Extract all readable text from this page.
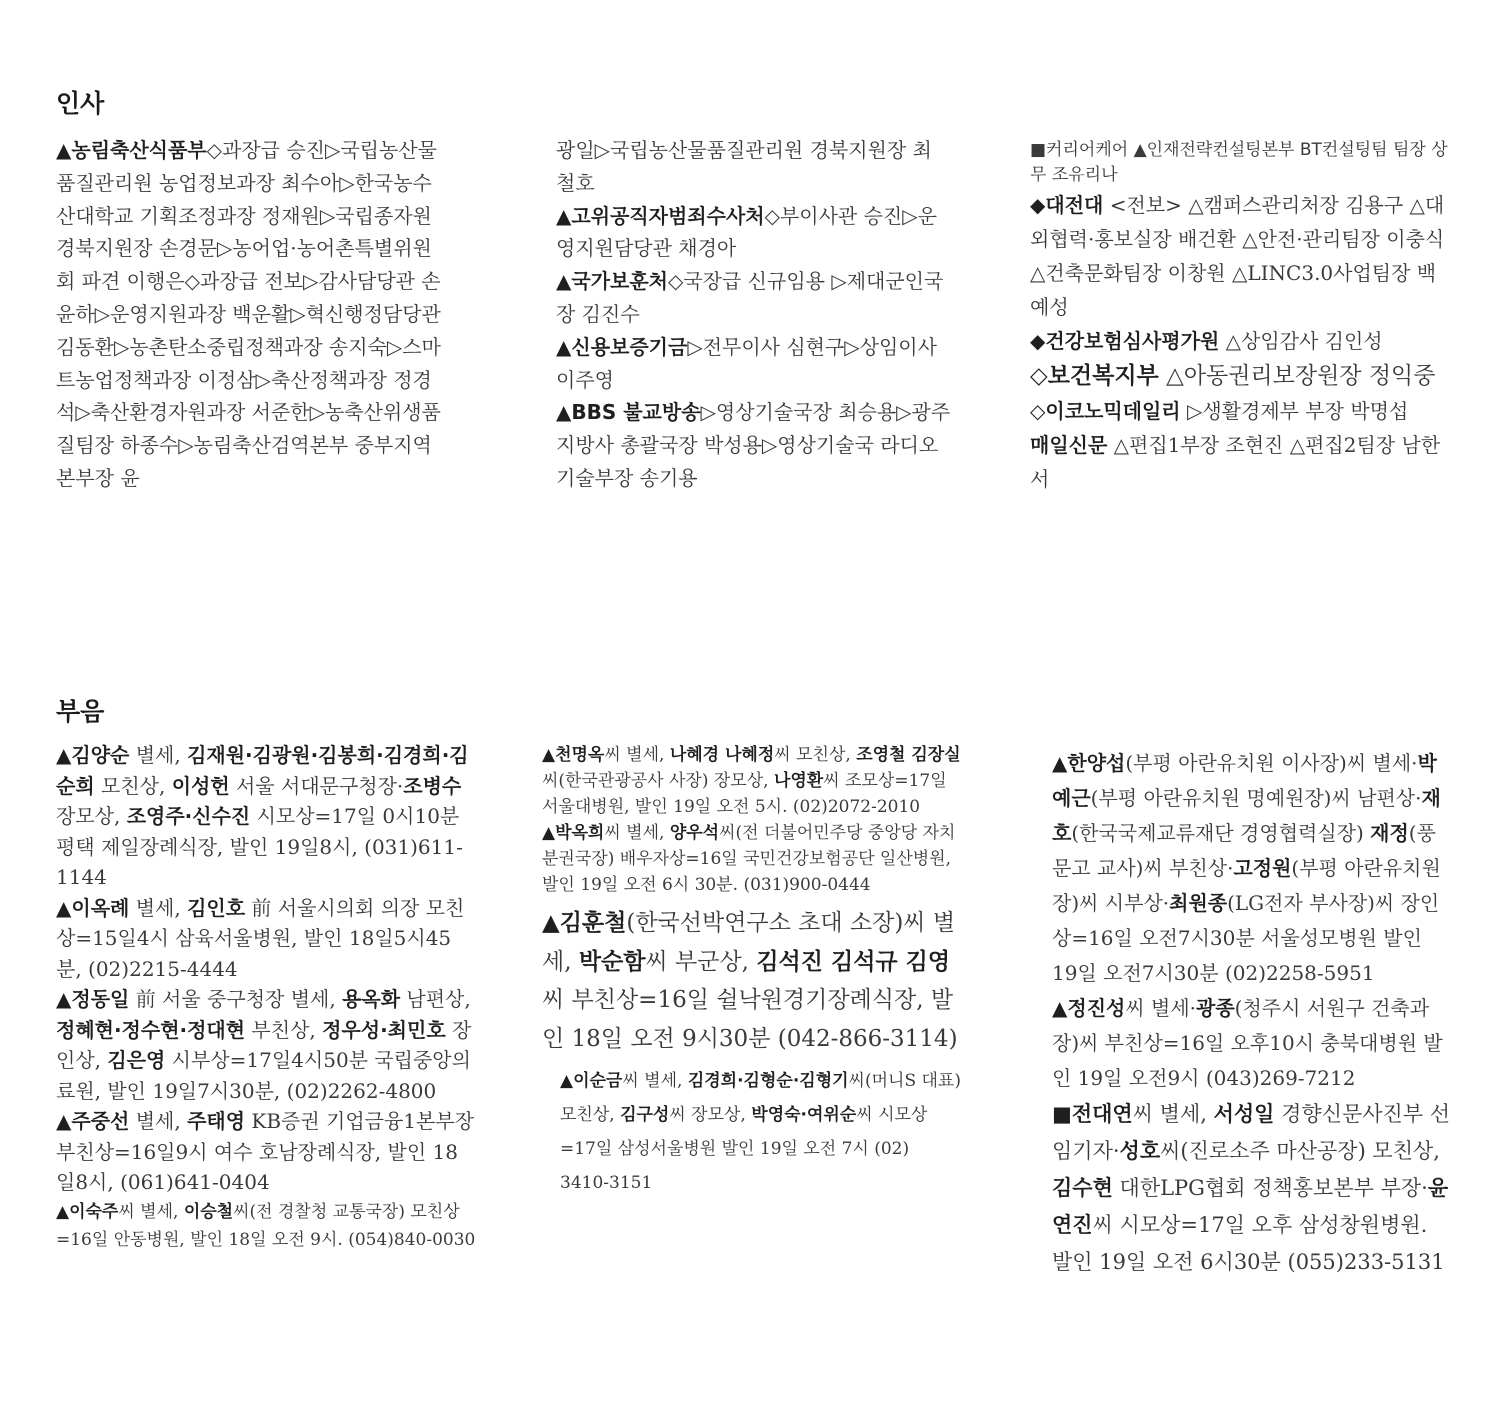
인사

▲농림축산식품부◇과장급 승진▷국립농산물품질관리원 농업정보과장 최수아▷한국농수산대학교 기획조정과장 정재원▷국립종자원 경북지원장 손경문▷농어업·농어촌특별위원회 파견 이행은◇과장급 전보▷감사담당관 손윤하▷운영지원과장 백운활▷혁신행정담당관 김동환▷농촌탄소중립정책과장 송지숙▷스마트농업정책과장 이정삼▷축산정책과장 정경석▷축산환경자원과장 서준한▷농축산위생품질팀장 하종수▷농림축산검역본부 중부지역본부장 윤

광일▷국립농산물품질관리원 경북지원장 최철호

▲고위공직자범죄수사처◇부이사관 승진▷운영지원담당관 채경아

▲국가보훈처◇국장급 신규임용 ▷제대군인국장 김진수

▲신용보증기금▷전무이사 심현구▷상임이사 이주영

▲BBS 불교방송▷영상기술국장 최승용▷광주지방사 총괄국장 박성용▷영상기술국 라디오기술부장 송기용

■커리어케어 ▲인재전략컨설팅본부 BT컨설팅팀 팀장 상무 조유리나

◆대전대 <전보> △캠퍼스관리처장 김용구 △대외협력·홍보실장 배건환 △안전·관리팀장 이충식 △건축문화팀장 이창원 △LINC3.0사업팀장 백예성

◆건강보험심사평가원 △상임감사 김인성

◇보건복지부 △아동권리보장원장 정익중

◇이코노믹데일리 ▷생활경제부 부장 박명섭

매일신문 △편집1부장 조현진 △편집2팀장 남한서

부음

▲김양순 별세, 김재원·김광원·김봉희·김경희·김순희 모친상, 이성헌 서울 서대문구청장·조병수 장모상, 조영주·신수진 시모상=17일 0시10분 평택 제일장례식장, 발인 19일8시, (031)611-1144

▲이옥례 별세, 김인호 前 서울시의회 의장 모친상=15일4시 삼육서울병원, 발인 18일5시45분, (02)2215-4444

▲정동일 前 서울 중구청장 별세, 용옥화 남편상, 정혜현·정수현·정대현 부친상, 정우성·최민호 장인상, 김은영 시부상=17일4시50분 국립중앙의료원, 발인 19일7시30분, (02)2262-4800

▲주중선 별세, 주태영 KB증권 기업금융1본부장 부친상=16일9시 여수 호남장례식장, 발인 18일8시, (061)641-0404

▲이숙주씨 별세, 이승철씨(전 경찰청 교통국장) 모친상=16일 안동병원, 발인 18일 오전 9시. (054)840-0030

▲천명옥씨 별세, 나혜경 나혜정씨 모친상, 조영철 김장실씨(한국관광공사 사장) 장모상, 나영환씨 조모상=17일 서울대병원, 발인 19일 오전 5시. (02)2072-2010

▲박옥희씨 별세, 양우석씨(전 더불어민주당 중앙당 자치분권국장) 배우자상=16일 국민건강보험공단 일산병원, 발인 19일 오전 6시 30분. (031)900-0444

▲김훈철(한국선박연구소 초대 소장)씨 별세, 박순함씨 부군상, 김석진 김석규 김영씨 부친상=16일 쉴낙원경기장례식장, 발인 18일 오전 9시30분 (042-866-3114)

▲이순금씨 별세, 김경희·김형순·김형기씨(머니S 대표)모친상, 김구성씨 장모상, 박영숙·여위순씨 시모상=17일 삼성서울병원 발인 19일 오전 7시 (02) 3410-3151

▲한양섭(부평 아란유치원 이사장)씨 별세·박예근(부평 아란유치원 명예원장)씨 남편상·재호(한국국제교류재단 경영협력실장) 재정(풍문고 교사)씨 부친상·고정원(부평 아란유치원장)씨 시부상·최원종(LG전자 부사장)씨 장인상=16일 오전7시30분 서울성모병원 발인 19일 오전7시30분 (02)2258-5951

▲정진성씨 별세·광종(청주시 서원구 건축과장)씨 부친상=16일 오후10시 충북대병원 발인 19일 오전9시 (043)269-7212

■전대연씨 별세, 서성일 경향신문사진부 선임기자·성호씨(진로소주 마산공장) 모친상, 김수현 대한LPG협회 정책홍보본부 부장·윤연진씨 시모상=17일 오후 삼성창원병원. 발인 19일 오전 6시30분 (055)233-5131
